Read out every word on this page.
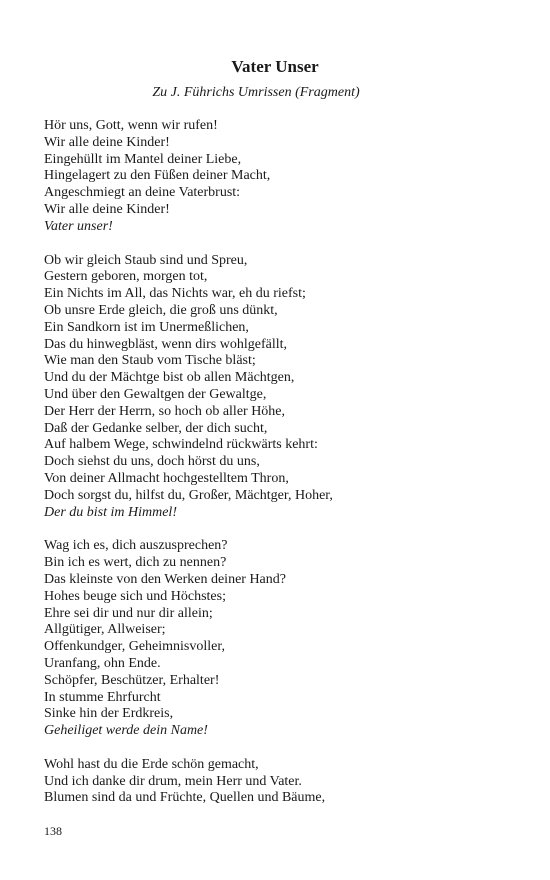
Vater Unser
Zu J. Führichs Umrissen (Fragment)
Hör uns, Gott, wenn wir rufen!
Wir alle deine Kinder!
Eingehüllt im Mantel deiner Liebe,
Hingelagert zu den Füßen deiner Macht,
Angeschmiegt an deine Vaterbrust:
Wir alle deine Kinder!
Vater unser!
Ob wir gleich Staub sind und Spreu,
Gestern geboren, morgen tot,
Ein Nichts im All, das Nichts war, eh du riefst;
Ob unsre Erde gleich, die groß uns dünkt,
Ein Sandkorn ist im Unermeßlichen,
Das du hinwegbläst, wenn dirs wohlgefällt,
Wie man den Staub vom Tische bläst;
Und du der Mächtge bist ob allen Mächtgen,
Und über den Gewaltgen der Gewaltge,
Der Herr der Herrn, so hoch ob aller Höhe,
Daß der Gedanke selber, der dich sucht,
Auf halbem Wege, schwindelnd rückwärts kehrt:
Doch siehst du uns, doch hörst du uns,
Von deiner Allmacht hochgestelltem Thron,
Doch sorgst du, hilfst du, Großer, Mächtger, Hoher,
Der du bist im Himmel!
Wag ich es, dich auszusprechen?
Bin ich es wert, dich zu nennen?
Das kleinste von den Werken deiner Hand?
Hohes beuge sich und Höchstes;
Ehre sei dir und nur dir allein;
Allgütiger, Allweiser;
Offenkundger, Geheimnisvoller,
Uranfang, ohn Ende.
Schöpfer, Beschützer, Erhalter!
In stumme Ehrfurcht
Sinke hin der Erdkreis,
Geheiliget werde dein Name!
Wohl hast du die Erde schön gemacht,
Und ich danke dir drum, mein Herr und Vater.
Blumen sind da und Früchte, Quellen und Bäume,
138
